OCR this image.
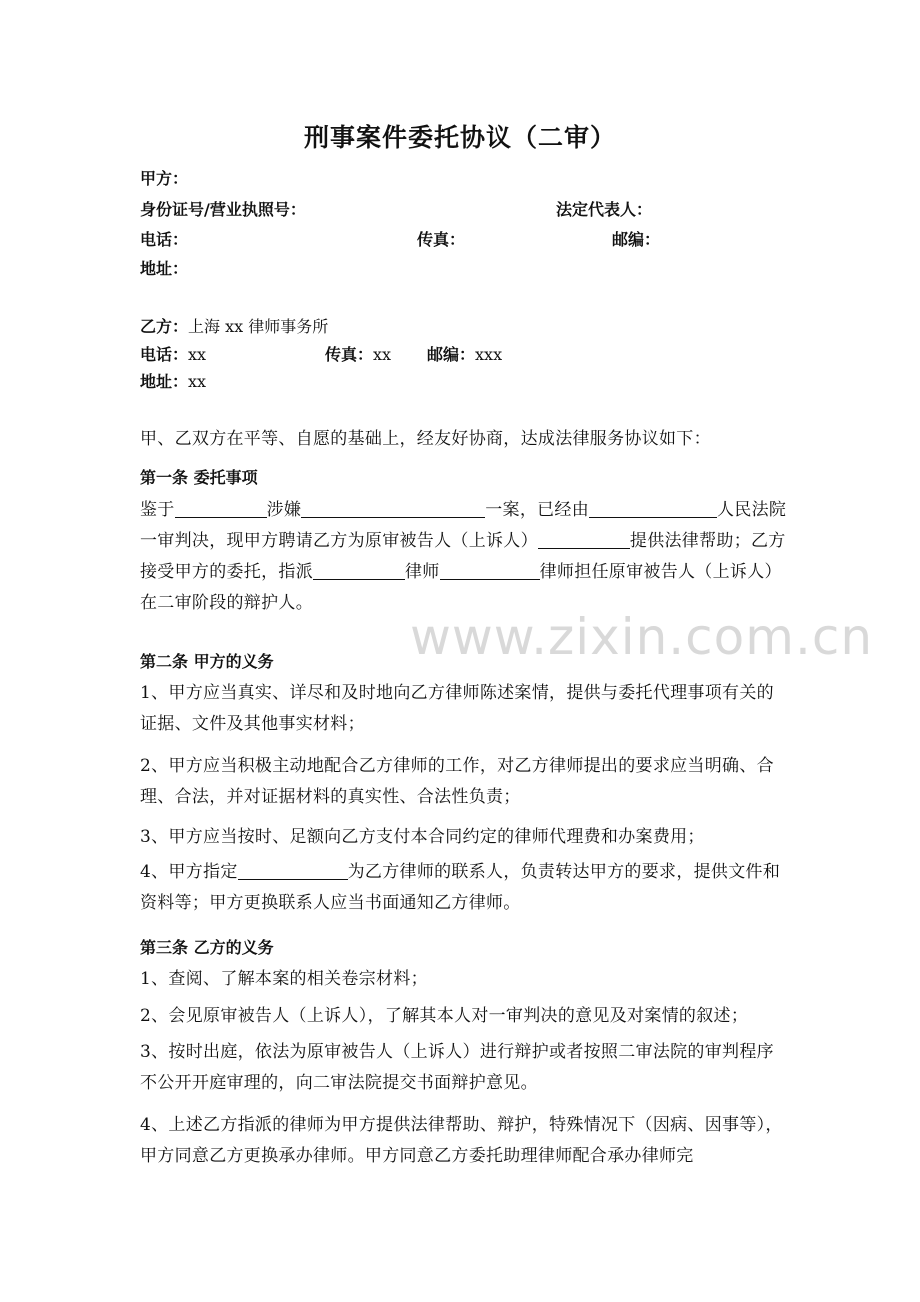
刑事案件委托协议（二审）
甲方：
身份证号/营业执照号：	法定代表人：
电话：	传真：	邮编：
地址：
乙方：上海 xx 律师事务所
电话：xx	传真：xx 邮编：xxx
地址：xx
甲、乙双方在平等、自愿的基础上，经友好协商，达成法律服务协议如下：
第一条 委托事项
鉴于	涉嫌	一案，已经由	人民法院一审判决，现甲方聘请乙方为原审被告人（上诉人）	提供法律帮助；乙方接受甲方的委托，指派	律师	律师担任原审被告人（上诉人）在二审阶段的辩护人。
www.zixin.com.cn
第二条 甲方的义务
1、甲方应当真实、详尽和及时地向乙方律师陈述案情，提供与委托代理事项有关的证据、文件及其他事实材料；
2、甲方应当积极主动地配合乙方律师的工作，对乙方律师提出的要求应当明确、合理、合法，并对证据材料的真实性、合法性负责；
3、甲方应当按时、足额向乙方支付本合同约定的律师代理费和办案费用；
4、甲方指定	为乙方律师的联系人，负责转达甲方的要求，提供文件和资料等；甲方更换联系人应当书面通知乙方律师。
第三条 乙方的义务
1、查阅、了解本案的相关卷宗材料；
2、会见原审被告人（上诉人），了解其本人对一审判决的意见及对案情的叙述；
3、按时出庭，依法为原审被告人（上诉人）进行辩护或者按照二审法院的审判程序不公开开庭审理的，向二审法院提交书面辩护意见。
4、上述乙方指派的律师为甲方提供法律帮助、辩护，特殊情况下（因病、因事等），甲方同意乙方更换承办律师。甲方同意乙方委托助理律师配合承办律师完
